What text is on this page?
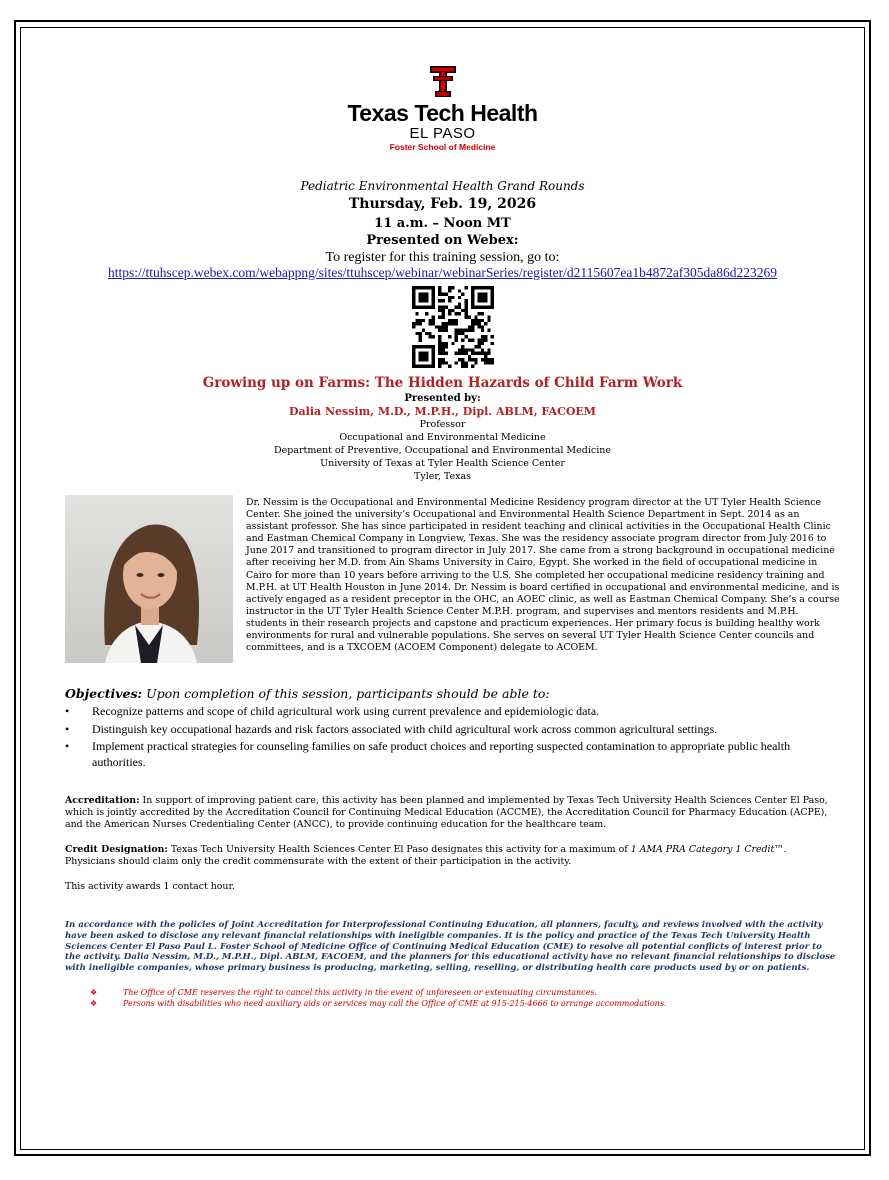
Texas Tech Health
EL PASO
Foster School of Medicine
Pediatric Environmental Health Grand Rounds
Thursday, Feb. 19, 2026
11 a.m. – Noon MT
Presented on Webex:
To register for this training session, go to:
https://ttuhscep.webex.com/webappng/sites/ttuhscep/webinar/webinarSeries/register/d2115607ea1b4872af305da86d223269
Growing up on Farms: The Hidden Hazards of Child Farm Work
Presented by:
Dalia Nessim, M.D., M.P.H., Dipl. ABLM, FACOEM
Professor
Occupational and Environmental Medicine
Department of Preventive, Occupational and Environmental Medicine
University of Texas at Tyler Health Science Center
Tyler, Texas
Dr. Nessim is the Occupational and Environmental Medicine Residency program director at the UT Tyler Health Science Center. She joined the university’s Occupational and Environmental Health Science Department in Sept. 2014 as an assistant professor. She has since participated in resident teaching and clinical activities in the Occupational Health Clinic and Eastman Chemical Company in Longview, Texas. She was the residency associate program director from July 2016 to June 2017 and transitioned to program director in July 2017. She came from a strong background in occupational medicine after receiving her M.D. from Ain Shams University in Cairo, Egypt. She worked in the field of occupational medicine in Cairo for more than 10 years before arriving to the U.S. She completed her occupational medicine residency training and M.P.H. at UT Health Houston in June 2014. Dr. Nessim is board certified in occupational and environmental medicine, and is actively engaged as a resident preceptor in the OHC, an AOEC clinic, as well as Eastman Chemical Company. She’s a course instructor in the UT Tyler Health Science Center M.P.H. program, and supervises and mentors residents and M.P.H. students in their research projects and capstone and practicum experiences. Her primary focus is building healthy work environments for rural and vulnerable populations. She serves on several UT Tyler Health Science Center councils and committees, and is a TXCOEM (ACOEM Component) delegate to ACOEM.
Objectives: Upon completion of this session, participants should be able to:
• Recognize patterns and scope of child agricultural work using current prevalence and epidemiologic data.
• Distinguish key occupational hazards and risk factors associated with child agricultural work across common agricultural settings.
• Implement practical strategies for counseling families on safe product choices and reporting suspected contamination to appropriate public health authorities.
Accreditation: In support of improving patient care, this activity has been planned and implemented by Texas Tech University Health Sciences Center El Paso, which is jointly accredited by the Accreditation Council for Continuing Medical Education (ACCME), the Accreditation Council for Pharmacy Education (ACPE), and the American Nurses Credentialing Center (ANCC), to provide continuing education for the healthcare team.
Credit Designation: Texas Tech University Health Sciences Center El Paso designates this activity for a maximum of 1 AMA PRA Category 1 Credit™. Physicians should claim only the credit commensurate with the extent of their participation in the activity.
This activity awards 1 contact hour.
In accordance with the policies of Joint Accreditation for Interprofessional Continuing Education, all planners, faculty, and reviews involved with the activity have been asked to disclose any relevant financial relationships with ineligible companies. It is the policy and practice of the Texas Tech University Health Sciences Center El Paso Paul L. Foster School of Medicine Office of Continuing Medical Education (CME) to resolve all potential conflicts of interest prior to the activity. Dalia Nessim, M.D., M.P.H., Dipl. ABLM, FACOEM, and the planners for this educational activity have no relevant financial relationships to disclose with ineligible companies, whose primary business is producing, marketing, selling, reselling, or distributing health care products used by or on patients.
❖ The Office of CME reserves the right to cancel this activity in the event of unforeseen or extenuating circumstances.
❖ Persons with disabilities who need auxiliary aids or services may call the Office of CME at 915-215-4666 to arrange accommodations.
